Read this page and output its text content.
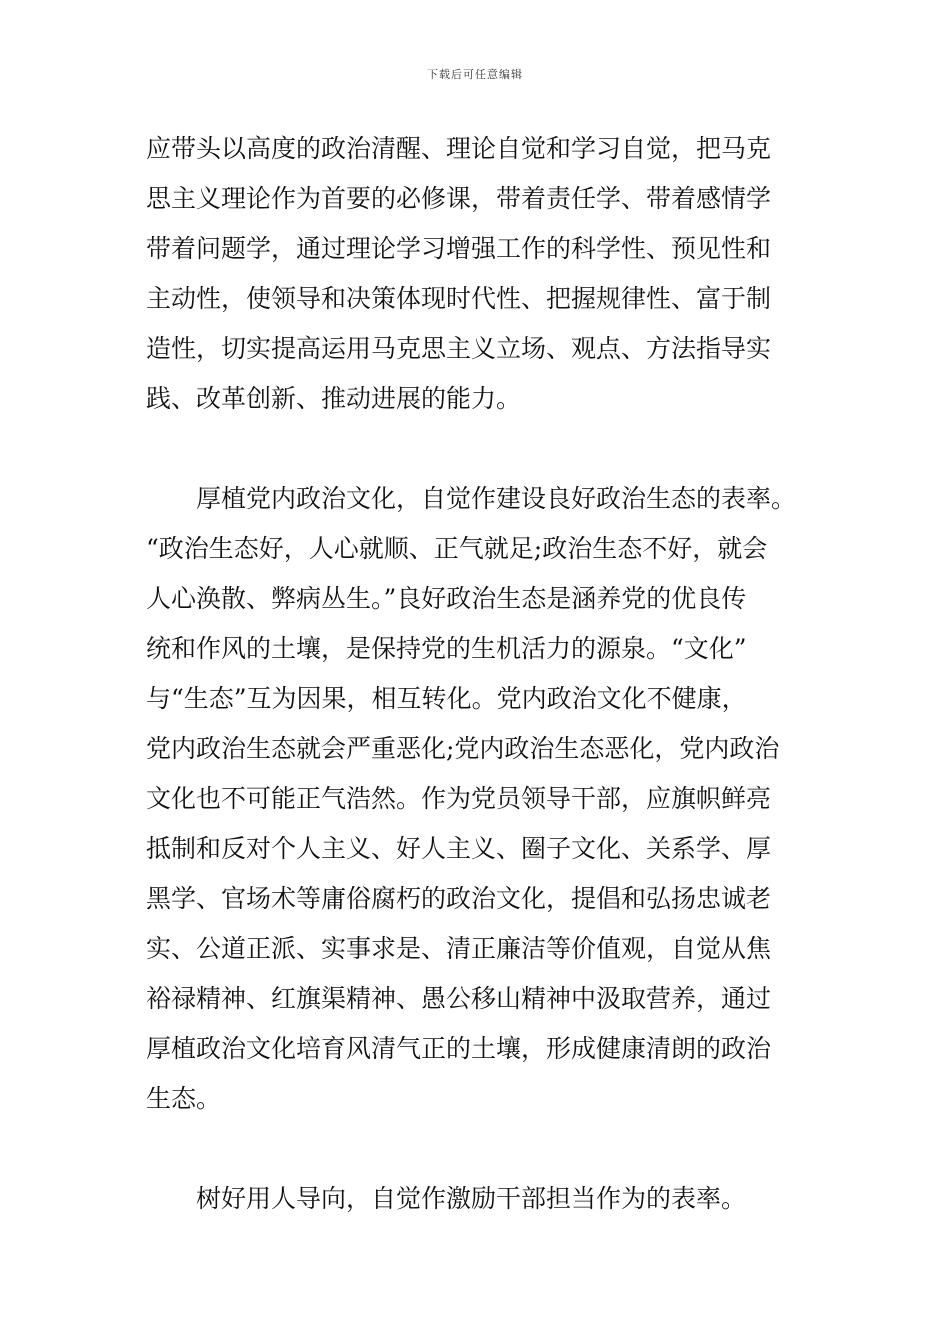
下载后可任意编辑
应带头以高度的政治清醒、理论自觉和学习自觉，把马克
思主义理论作为首要的必修课，带着责任学、带着感情学
带着问题学，通过理论学习增强工作的科学性、预见性和
主动性，使领导和决策体现时代性、把握规律性、富于制
造性，切实提高运用马克思主义立场、观点、方法指导实
践、改革创新、推动进展的能力。
厚植党内政治文化，自觉作建设良好政治生态的表率。
“政治生态好，人心就顺、正气就足;政治生态不好，就会
人心涣散、弊病丛生。”良好政治生态是涵养党的优良传
统和作风的土壤，是保持党的生机活力的源泉。“文化”
与“生态”互为因果，相互转化。党内政治文化不健康，
党内政治生态就会严重恶化;党内政治生态恶化，党内政治
文化也不可能正气浩然。作为党员领导干部，应旗帜鲜亮
抵制和反对个人主义、好人主义、圈子文化、关系学、厚
黑学、官场术等庸俗腐朽的政治文化，提倡和弘扬忠诚老
实、公道正派、实事求是、清正廉洁等价值观，自觉从焦
裕禄精神、红旗渠精神、愚公移山精神中汲取营养，通过
厚植政治文化培育风清气正的土壤，形成健康清朗的政治
生态。
树好用人导向，自觉作激励干部担当作为的表率。
